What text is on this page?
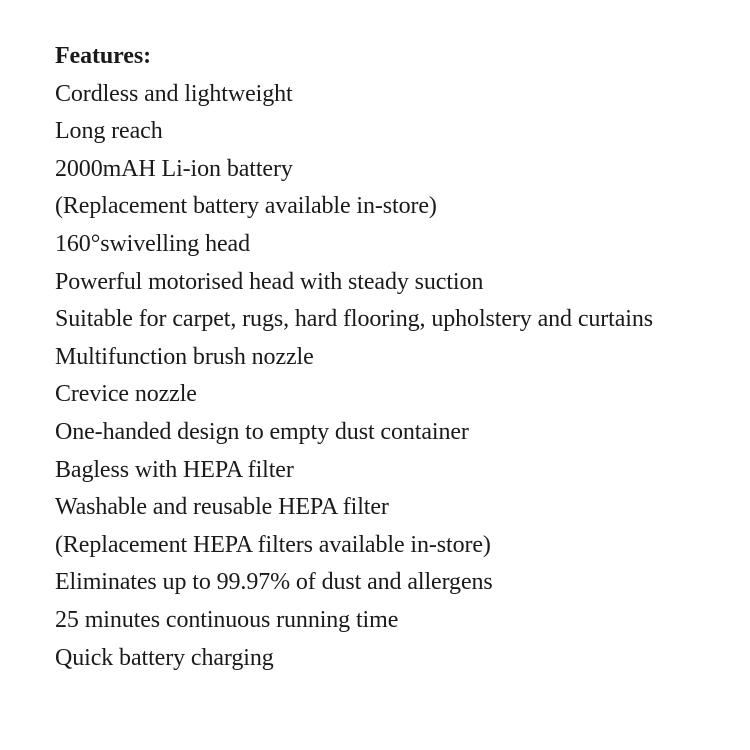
Features:

Cordless and lightweight
Long reach
2000mAH Li-ion battery
(Replacement battery available in-store)
160°swivelling head
Powerful motorised head with steady suction
Suitable for carpet, rugs, hard flooring, upholstery and curtains
Multifunction brush nozzle
Crevice nozzle
One-handed design to empty dust container
Bagless with HEPA filter
Washable and reusable HEPA filter
(Replacement HEPA filters available in-store)
Eliminates up to 99.97% of dust and allergens
25 minutes continuous running time
Quick battery charging
